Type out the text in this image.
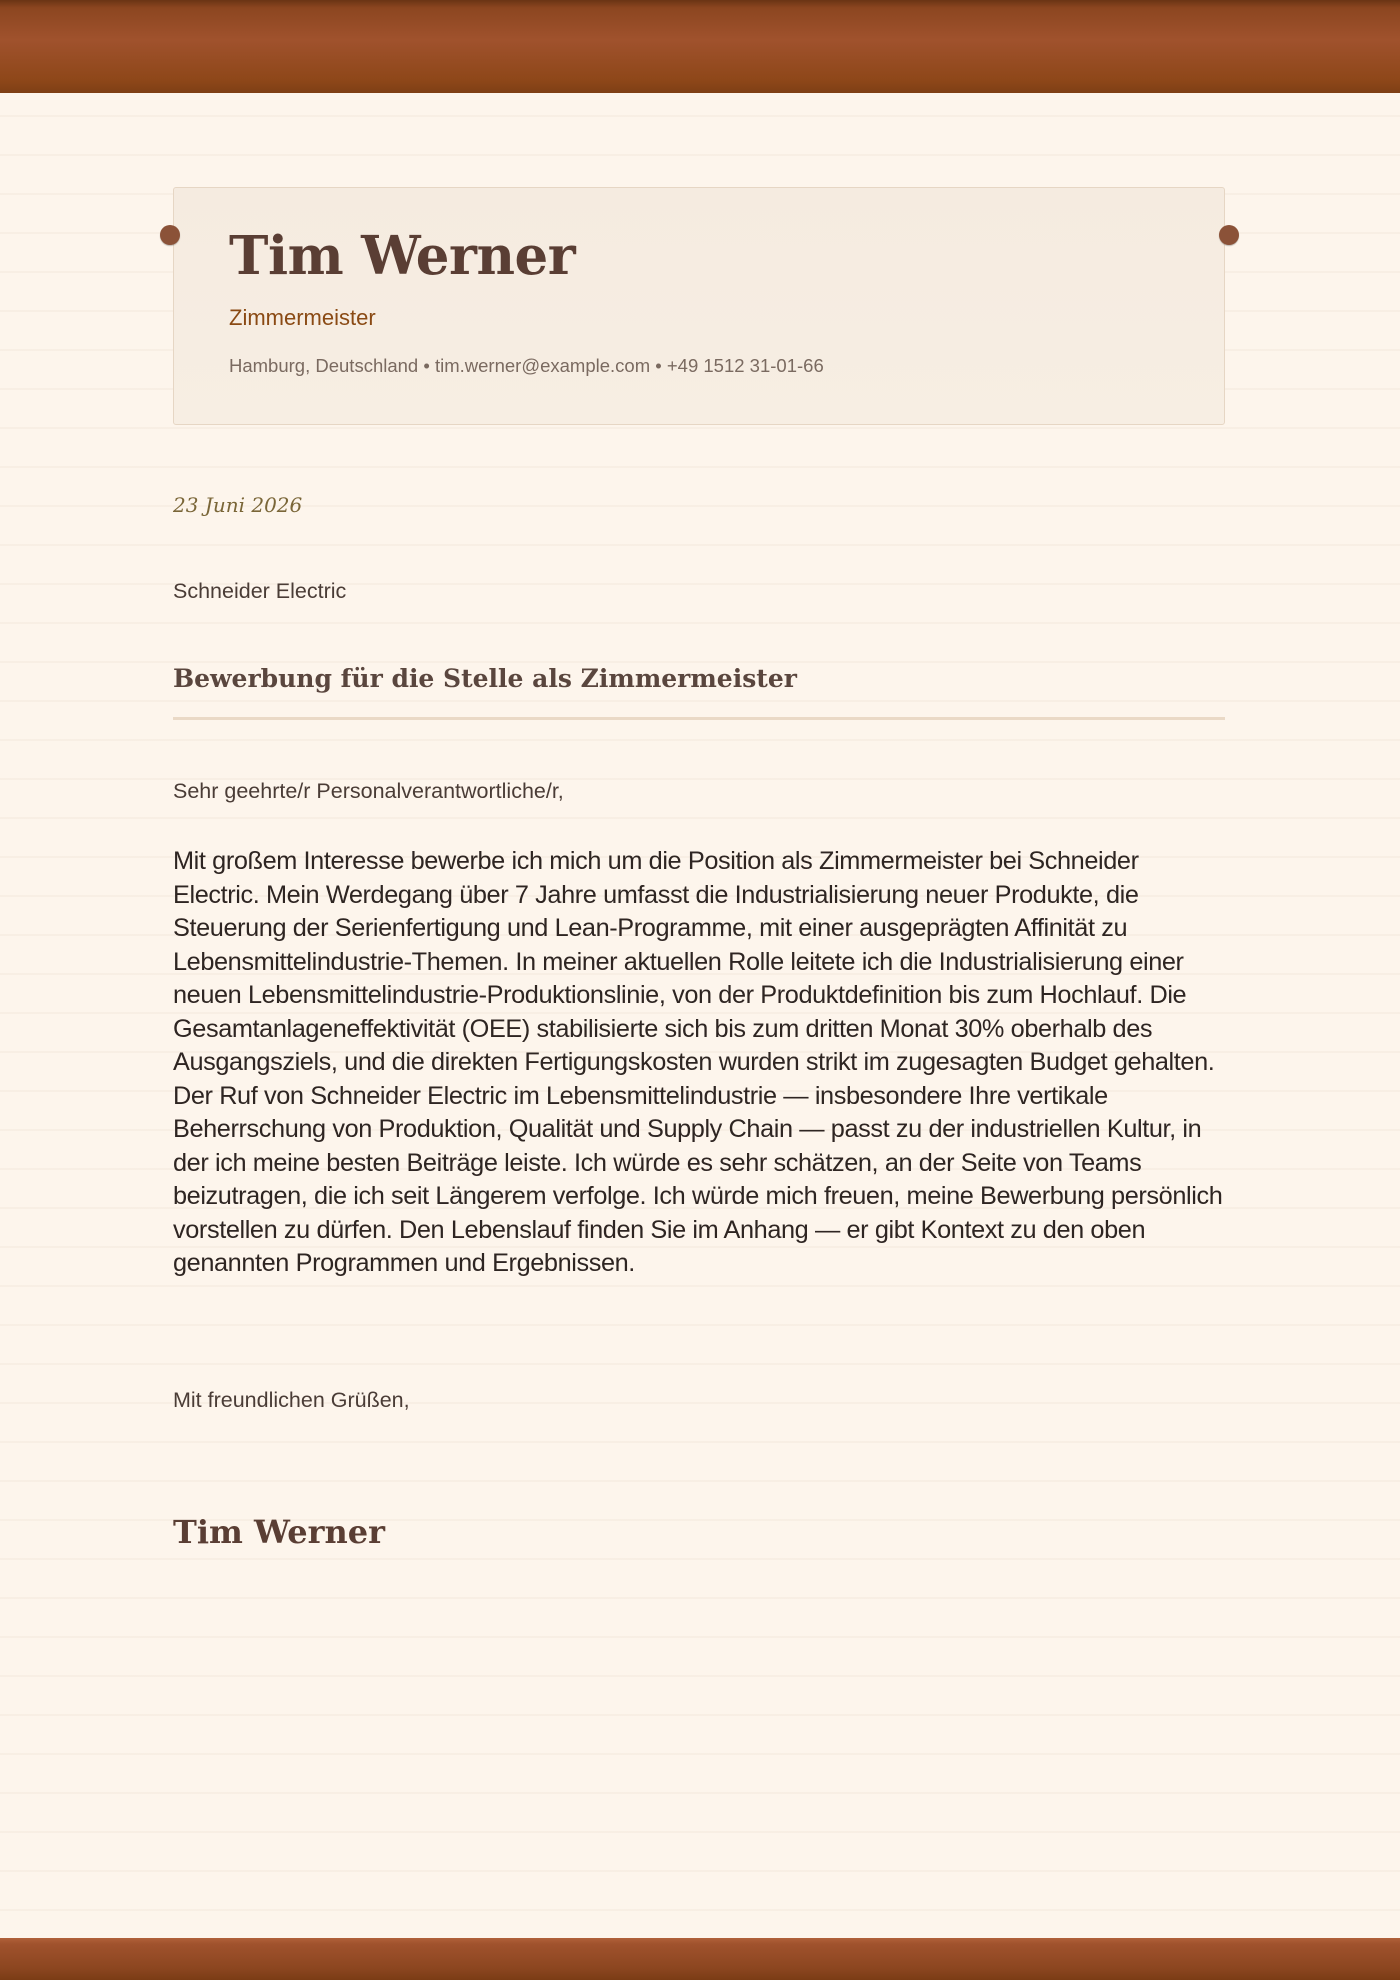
Tim Werner
Zimmermeister
Hamburg, Deutschland • tim.werner@example.com • +49 1512 31-01-66
23 Juni 2026
Schneider Electric
Bewerbung für die Stelle als Zimmermeister
Sehr geehrte/r Personalverantwortliche/r,

Mit großem Interesse bewerbe ich mich um die Position als Zimmermeister bei Schneider Electric. Mein Werdegang über 7 Jahre umfasst die Industrialisierung neuer Produkte, die Steuerung der Serienfertigung und Lean-Programme, mit einer ausgeprägten Affinität zu Lebensmittelindustrie-Themen. In meiner aktuellen Rolle leitete ich die Industrialisierung einer neuen Lebensmittelindustrie-Produktionslinie, von der Produktdefinition bis zum Hochlauf. Die Gesamtanlageneffektivität (OEE) stabilisierte sich bis zum dritten Monat 30% oberhalb des Ausgangsziels, und die direkten Fertigungskosten wurden strikt im zugesagten Budget gehalten. Der Ruf von Schneider Electric im Lebensmittelindustrie — insbesondere Ihre vertikale Beherrschung von Produktion, Qualität und Supply Chain — passt zu der industriellen Kultur, in der ich meine besten Beiträge leiste. Ich würde es sehr schätzen, an der Seite von Teams beizutragen, die ich seit Längerem verfolge. Ich würde mich freuen, meine Bewerbung persönlich vorstellen zu dürfen. Den Lebenslauf finden Sie im Anhang — er gibt Kontext zu den oben genannten Programmen und Ergebnissen.

Mit freundlichen Grüßen,
Tim Werner
